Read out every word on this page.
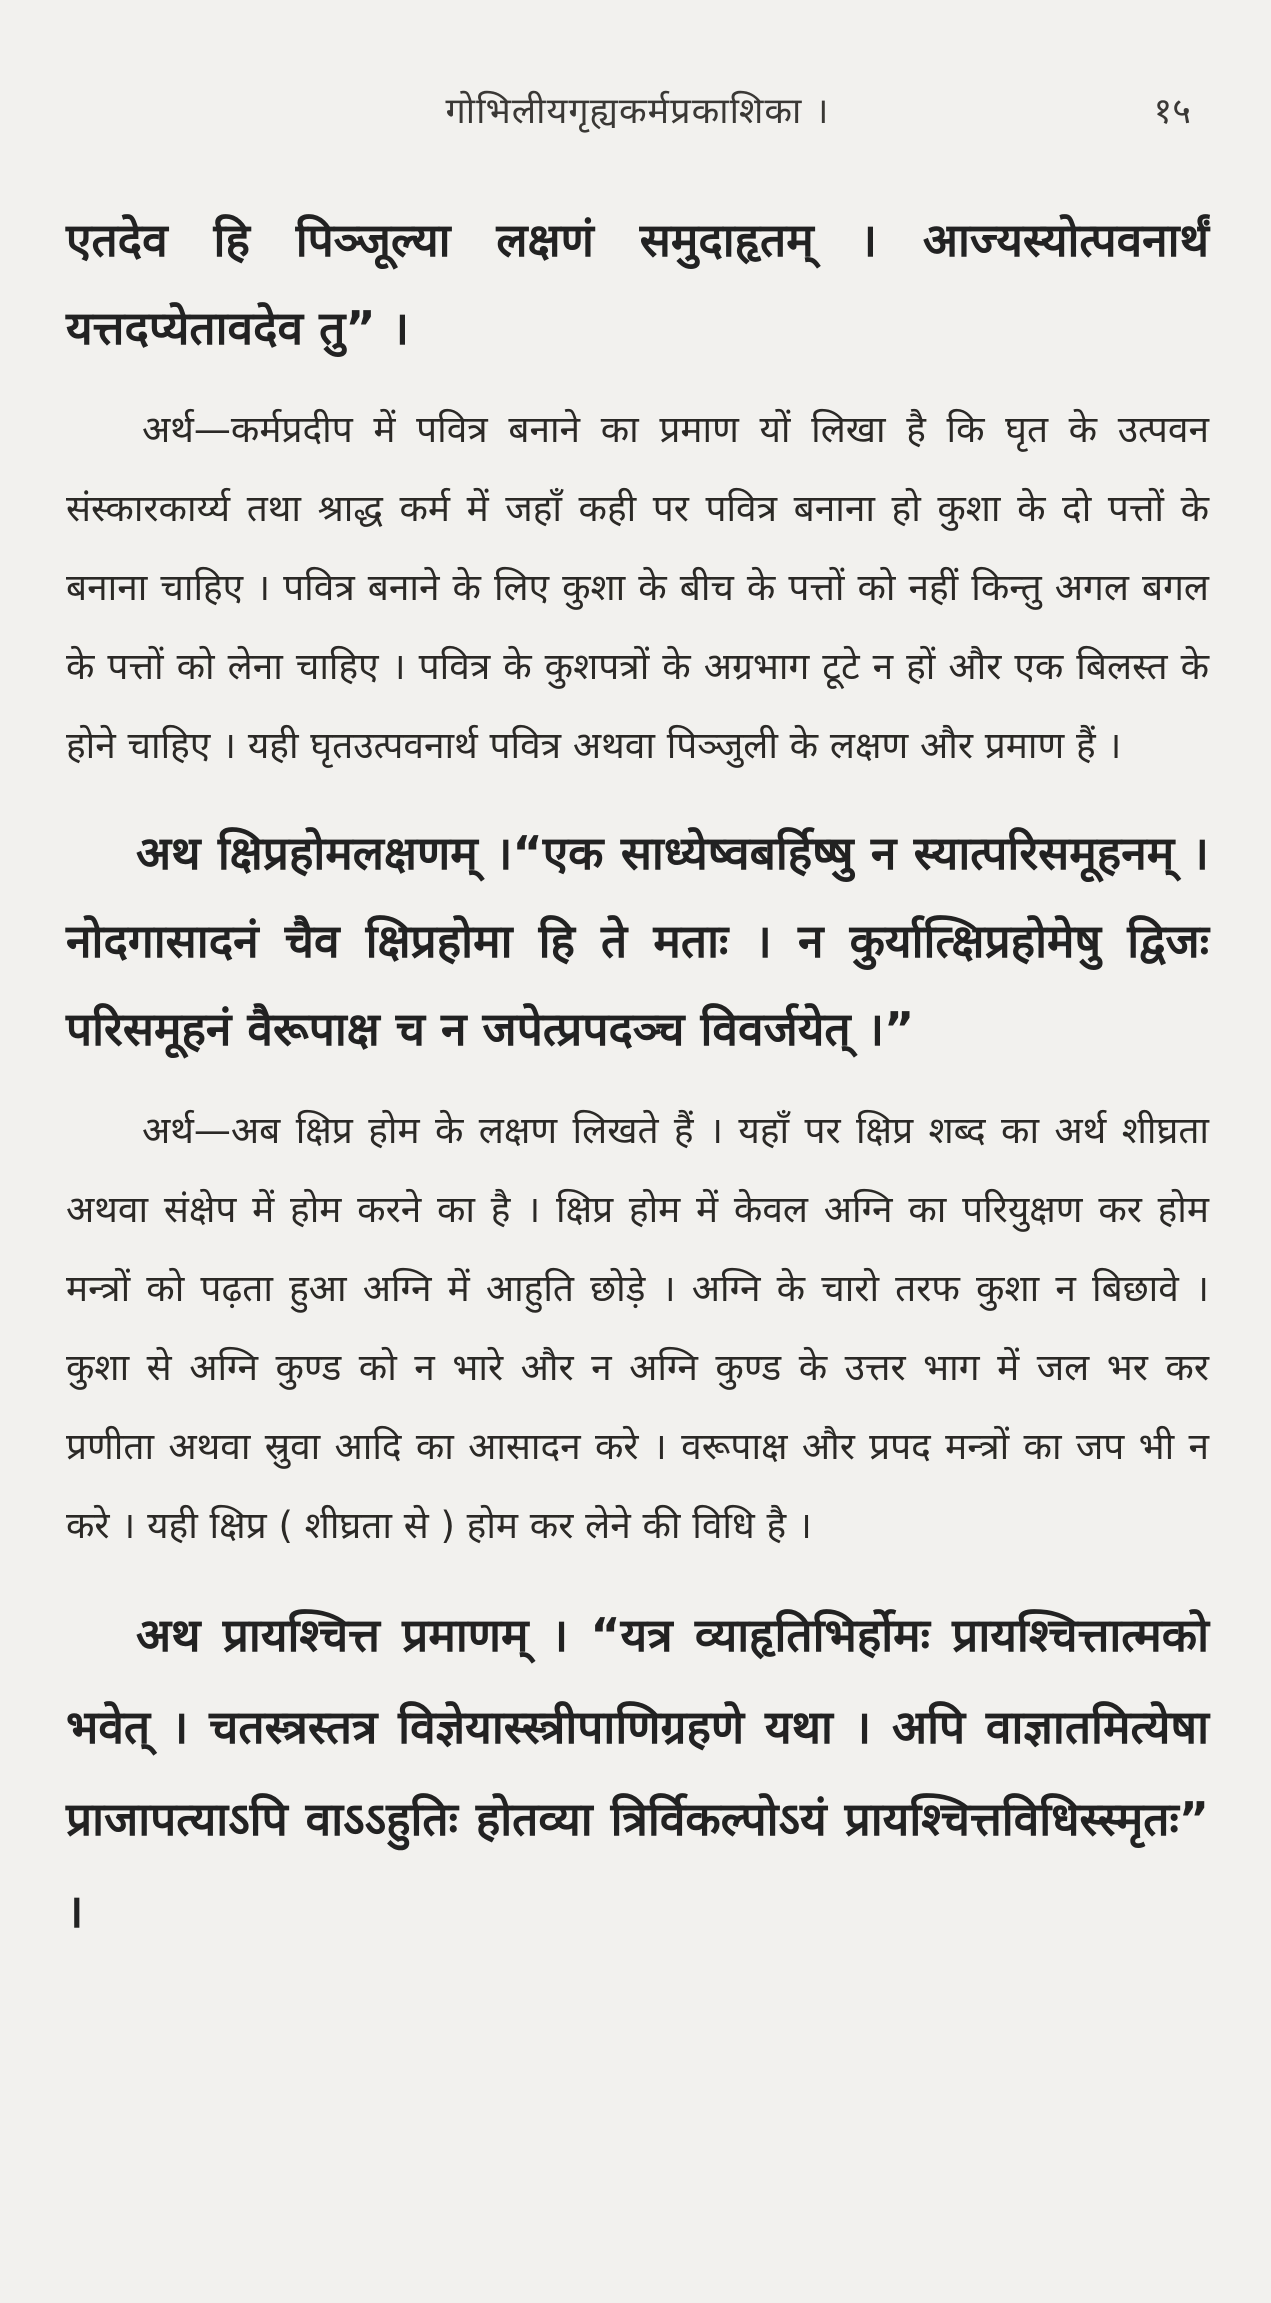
गोभिलीयगृह्यकर्मप्रकाशिका ।	१५

एतदेव हि पिञ्जूल्या लक्षणं समुदाहृतम् । आज्यस्योत्पवनार्थं यत्तदप्येतावदेव तु” ।

अर्थ—कर्मप्रदीप में पवित्र बनाने का प्रमाण यों लिखा है कि घृत के उत्पवन संस्कारकार्य्य तथा श्राद्ध कर्म में जहाँ कही पर पवित्र बनाना हो कुशा के दो पत्तों के बनाना चाहिए । पवित्र बनाने के लिए कुशा के बीच के पत्तों को नहीं किन्तु अगल बगल के पत्तों को लेना चाहिए । पवित्र के कुशपत्रों के अग्रभाग टूटे न हों और एक बिलस्त के होने चाहिए । यही घृतउत्पवनार्थ पवित्र अथवा पिञ्जुली के लक्षण और प्रमाण हैं ।

अथ क्षिप्रहोमलक्षणम् ।“एक साध्येष्वबर्हिष्षु न स्यात्परिसमूहनम् । नोदगासादनं चैव क्षिप्रहोमा हि ते मताः । न कुर्यात्क्षिप्रहोमेषु द्विजः परिसमूहनं वैरूपाक्ष च न जपेत्प्रपदञ्च विवर्जयेत् ।”

अर्थ—अब क्षिप्र होम के लक्षण लिखते हैं । यहाँ पर क्षिप्र शब्द का अर्थ शीघ्रता अथवा संक्षेप में होम करने का है । क्षिप्र होम में केवल अग्नि का परियुक्षण कर होम मन्त्रों को पढ़ता हुआ अग्नि में आहुति छोड़े । अग्नि के चारो तरफ कुशा न बिछावे । कुशा से अग्नि कुण्ड को न भारे और न अग्नि कुण्ड के उत्तर भाग में जल भर कर प्रणीता अथवा स्रुवा आदि का आसादन करे । वरूपाक्ष और प्रपद मन्त्रों का जप भी न करे । यही क्षिप्र ( शीघ्रता से ) होम कर लेने की विधि है ।

अथ प्रायश्चित्त प्रमाणम् । “यत्र व्याहृतिभिर्होमः प्रायश्चित्तात्मको भवेत् । चतस्त्रस्तत्र विज्ञेयास्स्त्रीपाणिग्रहणे यथा । अपि वाज्ञातमित्येषा प्राजापत्याऽपि वाऽऽहुतिः होतव्या त्रिर्विकल्पोऽयं प्रायश्चित्तविधिस्स्मृतः” ।
